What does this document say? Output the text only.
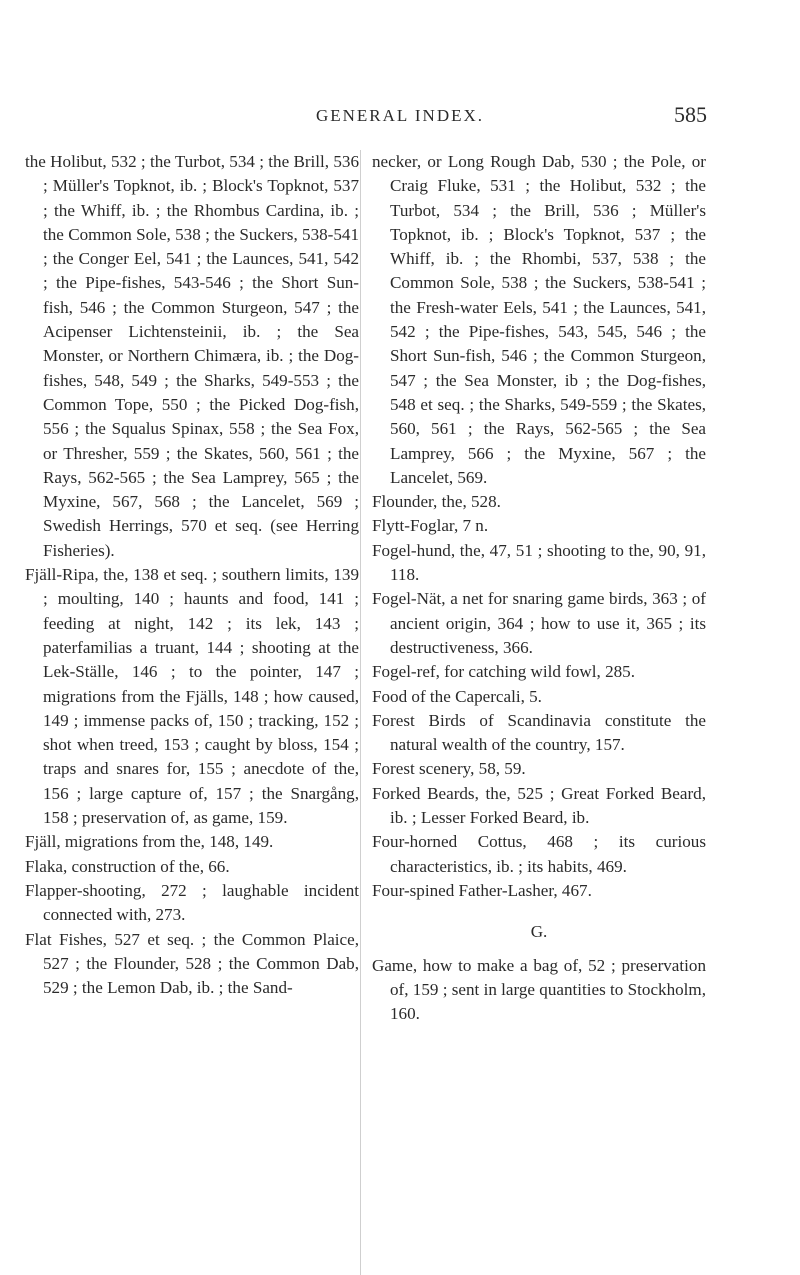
GENERAL INDEX.	585

the Holibut, 532 ; the Turbot, 534 ; the Brill, 536 ; Müller's Topknot, ib. ; Block's Topknot, 537 ; the Whiff, ib. ; the Rhombus Cardina, ib. ; the Common Sole, 538 ; the Suckers, 538-541 ; the Conger Eel, 541 ; the Launces, 541, 542 ; the Pipe-fishes, 543-546 ; the Short Sun-fish, 546 ; the Common Sturgeon, 547 ; the Acipenser Lichtensteinii, ib. ; the Sea Monster, or Northern Chimæra, ib. ; the Dog-fishes, 548, 549 ; the Sharks, 549-553 ; the Common Tope, 550 ; the Picked Dog-fish, 556 ; the Squalus Spinax, 558 ; the Sea Fox, or Thresher, 559 ; the Skates, 560, 561 ; the Rays, 562-565 ; the Sea Lamprey, 565 ; the Myxine, 567, 568 ; the Lancelet, 569 ; Swedish Herrings, 570 et seq. (see Herring Fisheries).

Fjäll-Ripa, the, 138 et seq. ; southern limits, 139 ; moulting, 140 ; haunts and food, 141 ; feeding at night, 142 ; its lek, 143 ; paterfamilias a truant, 144 ; shooting at the Lek-Ställe, 146 ; to the pointer, 147 ; migrations from the Fjälls, 148 ; how caused, 149 ; immense packs of, 150 ; tracking, 152 ; shot when treed, 153 ; caught by bloss, 154 ; traps and snares for, 155 ; anecdote of the, 156 ; large capture of, 157 ; the Snargång, 158 ; preservation of, as game, 159.

Fjäll, migrations from the, 148, 149.

Flaka, construction of the, 66.

Flapper-shooting, 272 ; laughable incident connected with, 273.

Flat Fishes, 527 et seq. ; the Common Plaice, 527 ; the Flounder, 528 ; the Common Dab, 529 ; the Lemon Dab, ib. ; the Sand-

necker, or Long Rough Dab, 530 ; the Pole, or Craig Fluke, 531 ; the Holibut, 532 ; the Turbot, 534 ; the Brill, 536 ; Müller's Topknot, ib. ; Block's Topknot, 537 ; the Whiff, ib. ; the Rhombi, 537, 538 ; the Common Sole, 538 ; the Suckers, 538-541 ; the Fresh-water Eels, 541 ; the Launces, 541, 542 ; the Pipe-fishes, 543, 545, 546 ; the Short Sun-fish, 546 ; the Common Sturgeon, 547 ; the Sea Monster, ib ; the Dog-fishes, 548 et seq. ; the Sharks, 549-559 ; the Skates, 560, 561 ; the Rays, 562-565 ; the Sea Lamprey, 566 ; the Myxine, 567 ; the Lancelet, 569.

Flounder, the, 528.

Flytt-Foglar, 7 n.

Fogel-hund, the, 47, 51 ; shooting to the, 90, 91, 118.

Fogel-Nät, a net for snaring game birds, 363 ; of ancient origin, 364 ; how to use it, 365 ; its destructiveness, 366.

Fogel-ref, for catching wild fowl, 285.

Food of the Capercali, 5.

Forest Birds of Scandinavia constitute the natural wealth of the country, 157.

Forest scenery, 58, 59.

Forked Beards, the, 525 ; Great Forked Beard, ib. ; Lesser Forked Beard, ib.

Four-horned Cottus, 468 ; its curious characteristics, ib. ; its habits, 469.

Four-spined Father-Lasher, 467.

G.

Game, how to make a bag of, 52 ; preservation of, 159 ; sent in large quantities to Stockholm, 160.
